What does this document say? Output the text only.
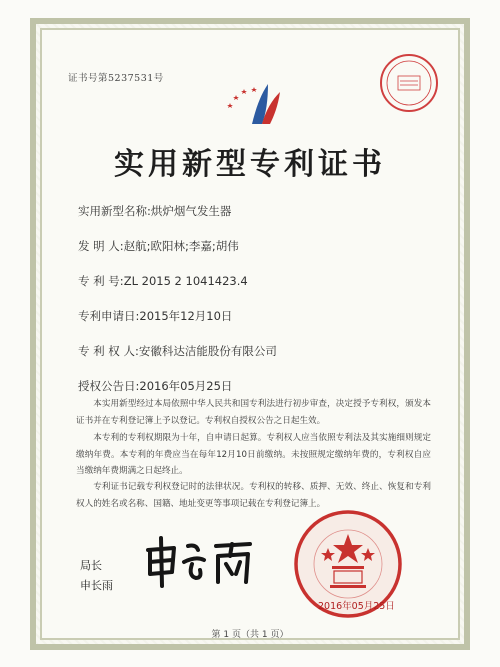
证书号第5237531号
实用新型专利证书
实用新型名称:烘炉烟气发生器
发 明 人:赵航;欧阳林;李嘉;胡伟
专 利 号:ZL 2015 2 1041423.4
专利申请日:2015年12月10日
专 利 权 人:安徽科达洁能股份有限公司
授权公告日:2016年05月25日
本实用新型经过本局依照中华人民共和国专利法进行初步审查，决定授予专利权，颁发本证书并在专利登记簿上予以登记。专利权自授权公告之日起生效。
本专利的专利权期限为十年，自申请日起算。专利权人应当依照专利法及其实施细则规定缴纳年费。本专利的年费应当在每年12月10日前缴纳。未按照规定缴纳年费的，专利权自应当缴纳年费期满之日起终止。
专利证书记载专利权登记时的法律状况。专利权的转移、质押、无效、终止、恢复和专利权人的姓名或名称、国籍、地址变更等事项记载在专利登记簿上。
局长
申长雨
2016年05月25日
第 1 页（共 1 页）
